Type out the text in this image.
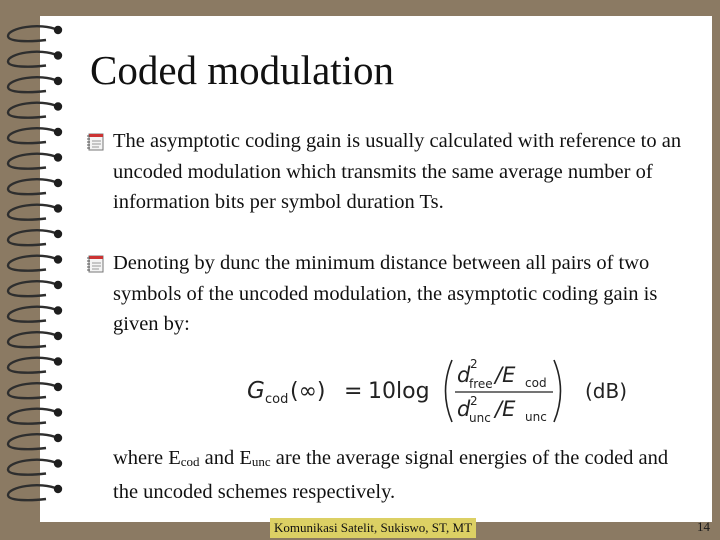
Coded modulation
The asymptotic coding gain is usually calculated with reference to an uncoded modulation which transmits the same average number of information bits per symbol duration Ts.
Denoting by dunc the minimum distance between all pairs of two symbols of the uncoded modulation, the asymptotic coding gain is given by:
G cod (∞) = 10 log
d 2
free /E cod
d 2
unc /E unc
(dB)
where $E_{cod}$ and $E_{unc}$ are the average signal energies of the coded and the uncoded schemes respectively.
Komunikasi Satelit, Sukiswo, ST, MT	14
